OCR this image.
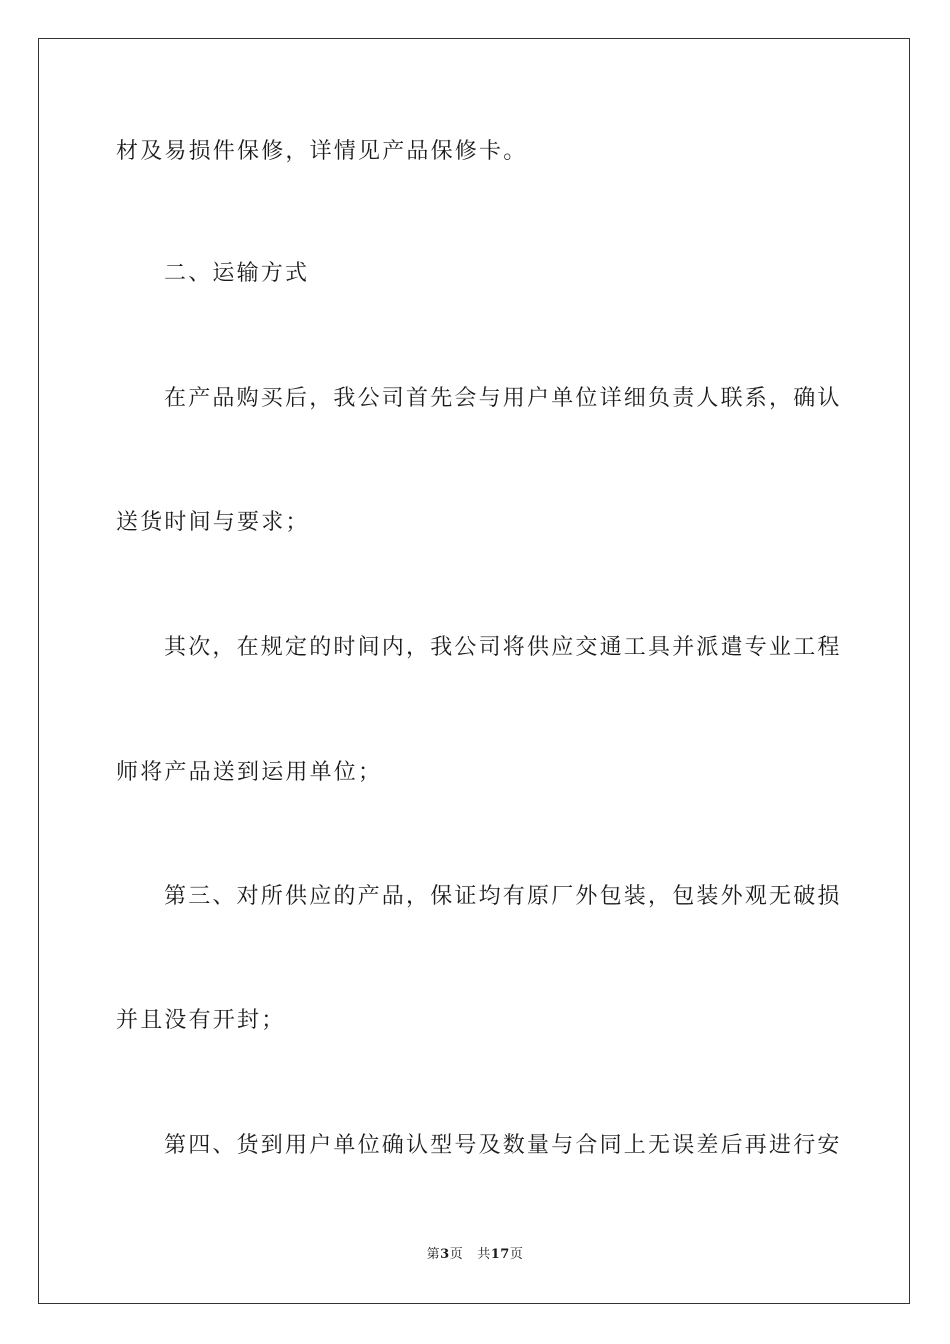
材及易损件保修，详情见产品保修卡。
二、运输方式
在产品购买后，我公司首先会与用户单位详细负责人联系，确认
送货时间与要求；
其次，在规定的时间内，我公司将供应交通工具并派遣专业工程
师将产品送到运用单位；
第三、对所供应的产品，保证均有原厂外包装，包装外观无破损
并且没有开封；
第四、货到用户单位确认型号及数量与合同上无误差后再进行安
第3页 共17页
